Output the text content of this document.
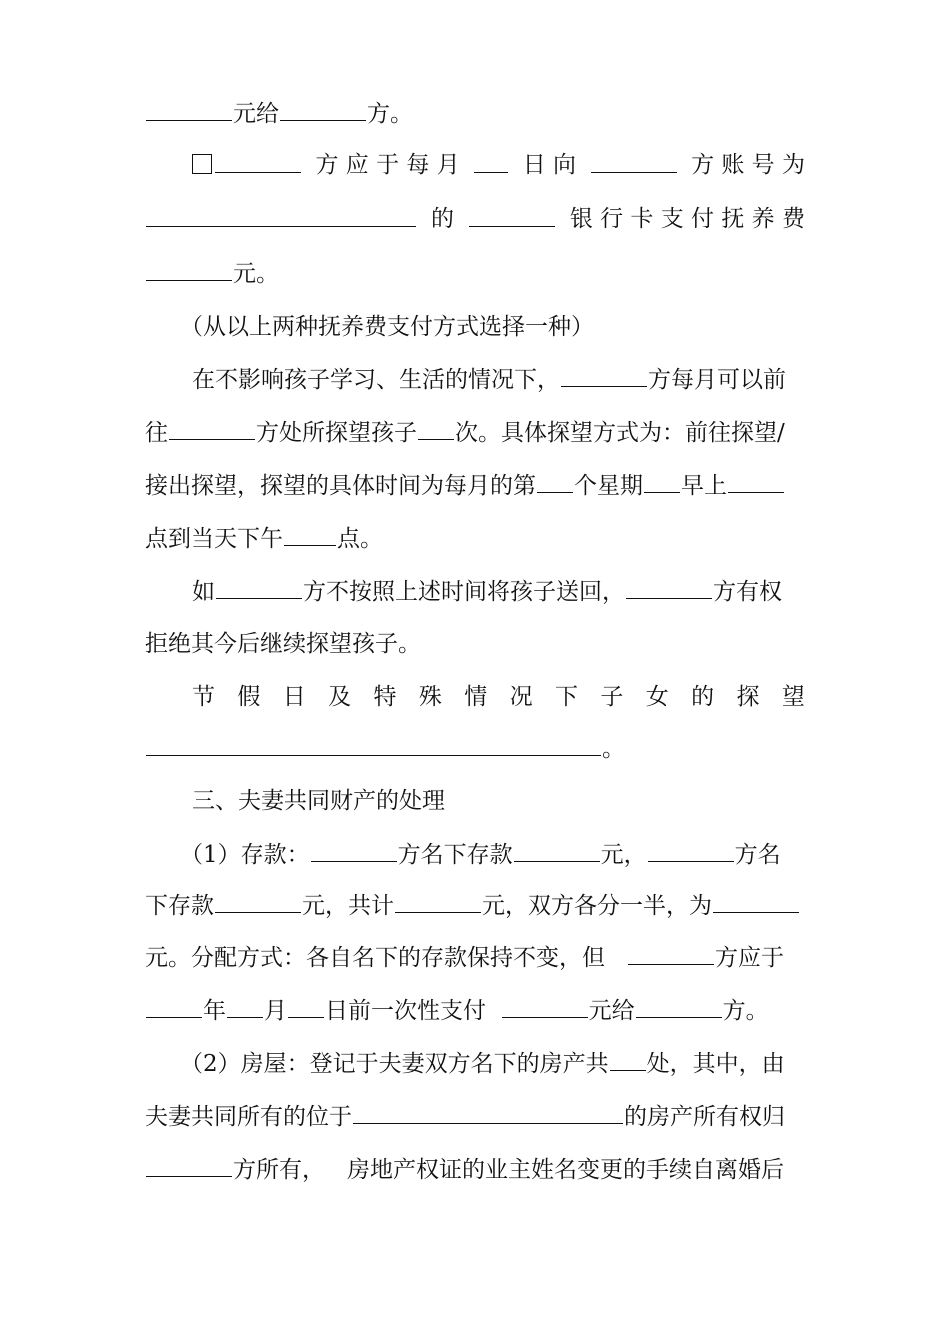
元给	方。
方 应 于 每 月	日 向	方 账 号 为
的	银 行 卡 支 付 抚 养 费
元。
（从以上两种抚养费支付方式选择一种）
在不影响孩子学习、生活的情况下，	方每月可以前
往	方处所探望孩子 次。具体探望方式为：前往探望/
接出探望，探望的具体时间为每月的第 个星期 早上
点到当天下午 点。
如	方不按照上述时间将孩子送回，	方有权
拒绝其今后继续探望孩子。
节 假 日 及 特 殊 情 况 下 子 女 的 探 望
。
三、夫妻共同财产的处理
（1）存款：	方名下存款	元，	方名
下存款	元，共计	元，双方各分一半，为
元。分配方式：各自名下的存款保持不变，但	方应于
年 月 日前一次性支付	元给	方。
（2）房屋：登记于夫妻双方名下的房产共 处，其中，由
夫妻共同所有的位于	的房产所有权归
方所有， 房地产权证的业主姓名变更的手续自离婚后
